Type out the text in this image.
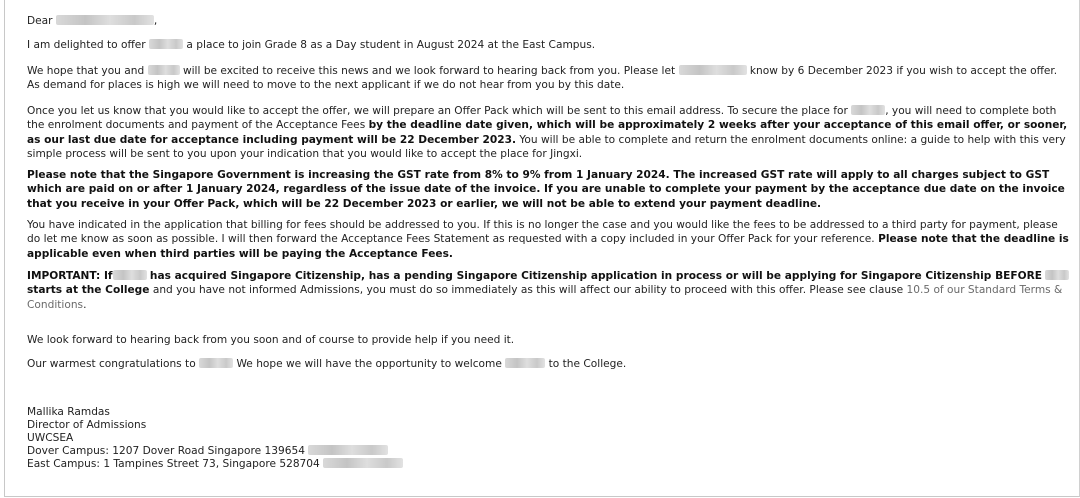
Dear	,

I am delighted to offer	a place to join Grade 8 as a Day student in August 2024 at the East Campus.

We hope that you and	will be excited to receive this news and we look forward to hearing back from you. Please let	know by 6 December 2023 if you wish to accept the offer. As demand for places is high we will need to move to the next applicant if we do not hear from you by this date.

Once you let us know that you would like to accept the offer, we will prepare an Offer Pack which will be sent to this email address. To secure the place for	, you will need to complete both the enrolment documents and payment of the Acceptance Fees by the deadline date given, which will be approximately 2 weeks after your acceptance of this email offer, or sooner, as our last due date for acceptance including payment will be 22 December 2023. You will be able to complete and return the enrolment documents online: a guide to help with this very simple process will be sent to you upon your indication that you would like to accept the place for Jingxi.

Please note that the Singapore Government is increasing the GST rate from 8% to 9% from 1 January 2024. The increased GST rate will apply to all charges subject to GST which are paid on or after 1 January 2024, regardless of the issue date of the invoice. If you are unable to complete your payment by the acceptance due date on the invoice that you receive in your Offer Pack, which will be 22 December 2023 or earlier, we will not be able to extend your payment deadline.

You have indicated in the application that billing for fees should be addressed to you. If this is no longer the case and you would like the fees to be addressed to a third party for payment, please do let me know as soon as possible. I will then forward the Acceptance Fees Statement as requested with a copy included in your Offer Pack for your reference. Please note that the deadline is applicable even when third parties will be paying the Acceptance Fees.

IMPORTANT: If	has acquired Singapore Citizenship, has a pending Singapore Citizenship application in process or will be applying for Singapore Citizenship BEFORE  starts at the College and you have not informed Admissions, you must do so immediately as this will affect our ability to proceed with this offer. Please see clause 10.5 of our Standard Terms & Conditions.

We look forward to hearing back from you soon and of course to provide help if you need it.

Our warmest congratulations to	We hope we will have the opportunity to welcome	to the College.

Mallika Ramdas
Director of Admissions
UWCSEA
Dover Campus: 1207 Dover Road Singapore 139654
East Campus: 1 Tampines Street 73, Singapore 528704
